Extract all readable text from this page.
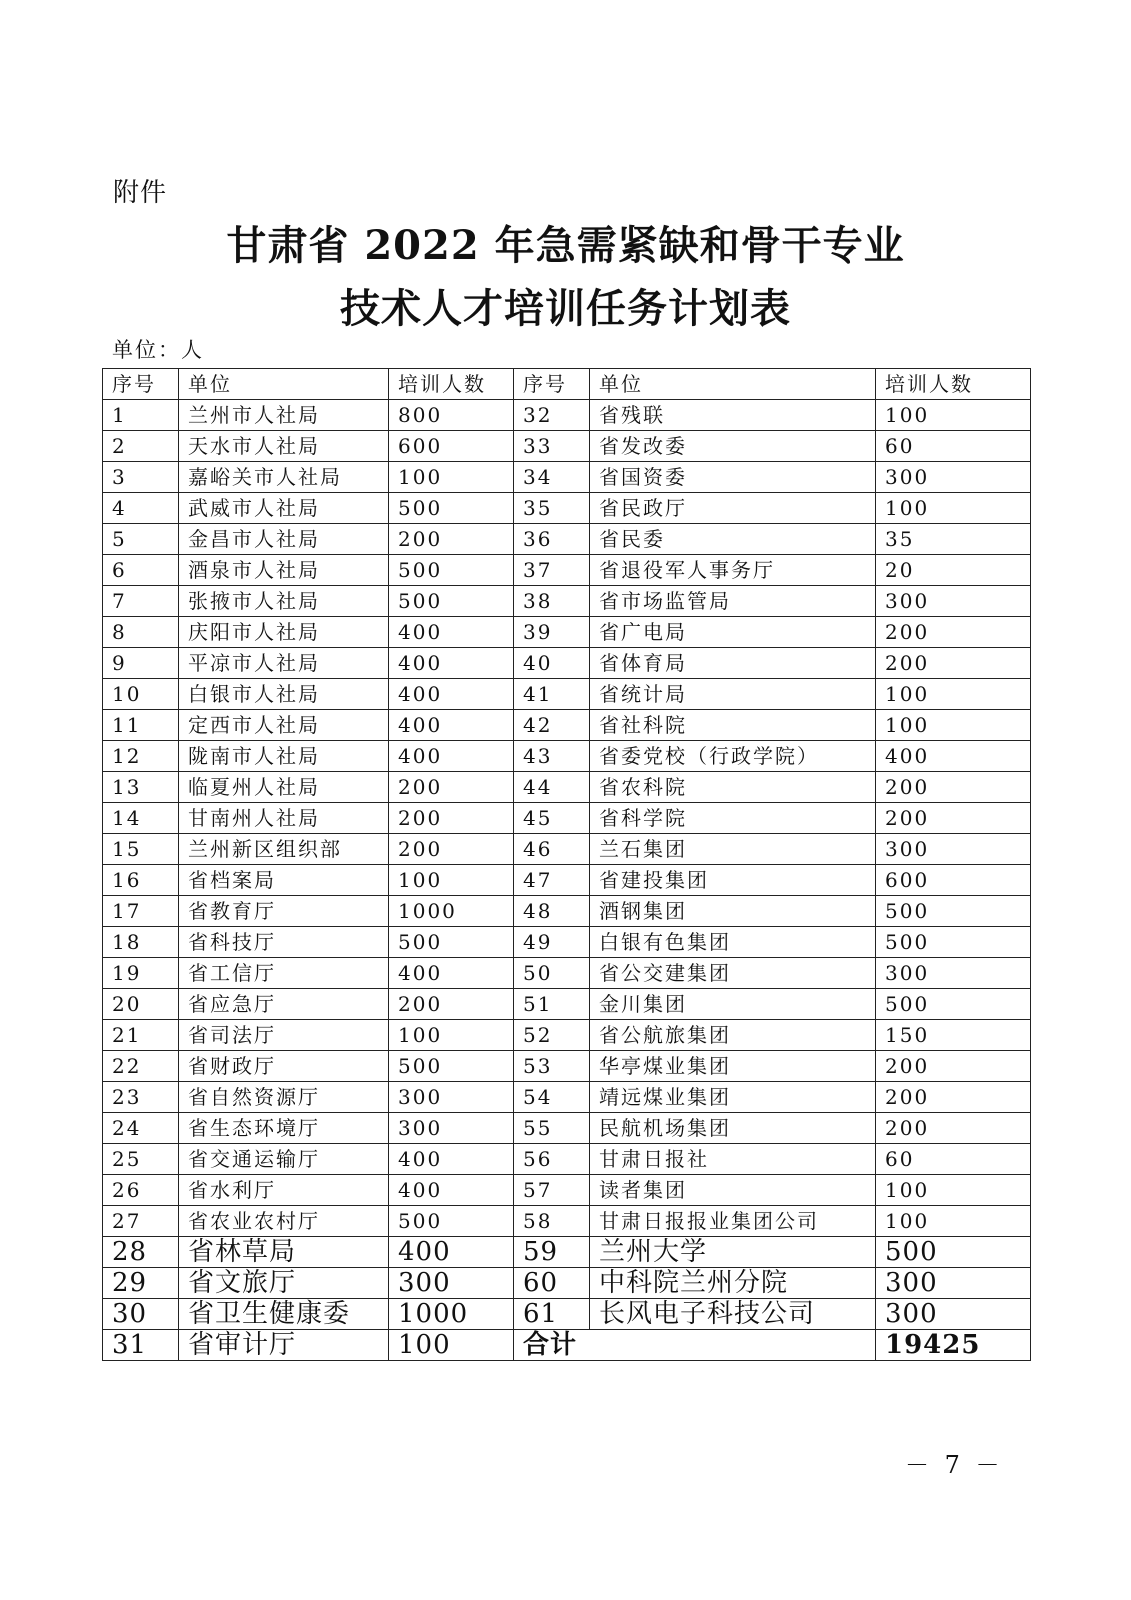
附件
甘肃省 2022 年急需紧缺和骨干专业
技术人才培训任务计划表
单位：人
序号	单位	培训人数	序号	单位	培训人数
1	兰州市人社局	800	32	省残联	100
2	天水市人社局	600	33	省发改委	60
3	嘉峪关市人社局	100	34	省国资委	300
4	武威市人社局	500	35	省民政厅	100
5	金昌市人社局	200	36	省民委	35
6	酒泉市人社局	500	37	省退役军人事务厅	20
7	张掖市人社局	500	38	省市场监管局	300
8	庆阳市人社局	400	39	省广电局	200
9	平凉市人社局	400	40	省体育局	200
10	白银市人社局	400	41	省统计局	100
11	定西市人社局	400	42	省社科院	100
12	陇南市人社局	400	43	省委党校（行政学院）	400
13	临夏州人社局	200	44	省农科院	200
14	甘南州人社局	200	45	省科学院	200
15	兰州新区组织部	200	46	兰石集团	300
16	省档案局	100	47	省建投集团	600
17	省教育厅	1000	48	酒钢集团	500
18	省科技厅	500	49	白银有色集团	500
19	省工信厅	400	50	省公交建集团	300
20	省应急厅	200	51	金川集团	500
21	省司法厅	100	52	省公航旅集团	150
22	省财政厅	500	53	华亭煤业集团	200
23	省自然资源厅	300	54	靖远煤业集团	200
24	省生态环境厅	300	55	民航机场集团	200
25	省交通运输厅	400	56	甘肃日报社	60
26	省水利厅	400	57	读者集团	100
27	省农业农村厅	500	58	甘肃日报报业集团公司	100
28	省林草局	400	59	兰州大学	500
29	省文旅厅	300	60	中科院兰州分院	300
30	省卫生健康委	1000	61	长风电子科技公司	300
31	省审计厅	100	合计		19425
－ 7 －
